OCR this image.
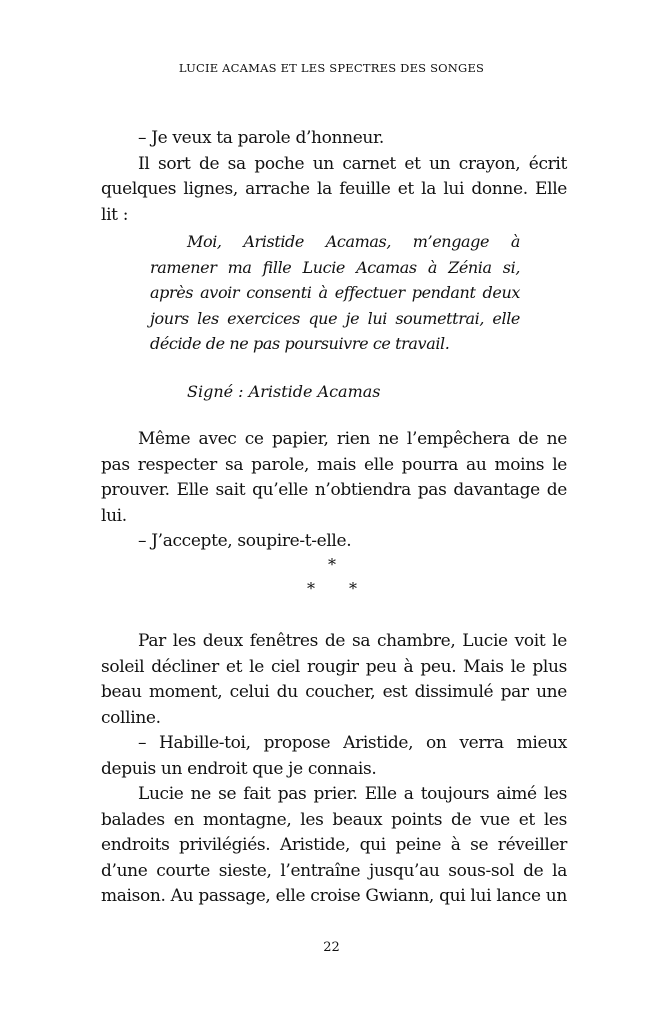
LUCIE ACAMAS ET LES SPECTRES DES SONGES

– Je veux ta parole d’honneur.

Il sort de sa poche un carnet et un crayon, écrit quelques lignes, arrache la feuille et la lui donne. Elle lit :

Moi, Aristide Acamas, m’engage à ramener ma fille Lucie Acamas à Zénia si, après avoir consenti à effectuer pendant deux jours les exercices que je lui soumettrai, elle décide de ne pas poursuivre ce travail.

Signé : Aristide Acamas

Même avec ce papier, rien ne l’empêchera de ne pas respecter sa parole, mais elle pourra au moins le prouver. Elle sait qu’elle n’obtiendra pas davantage de lui.

– J’accepte, soupire-t-elle.

*
* *

Par les deux fenêtres de sa chambre, Lucie voit le soleil décliner et le ciel rougir peu à peu. Mais le plus beau moment, celui du coucher, est dissimulé par une colline.

– Habille-toi, propose Aristide, on verra mieux depuis un endroit que je connais.

Lucie ne se fait pas prier. Elle a toujours aimé les balades en montagne, les beaux points de vue et les endroits privilégiés. Aristide, qui peine à se réveiller d’une courte sieste, l’entraîne jusqu’au sous-sol de la maison. Au passage, elle croise Gwiann, qui lui lance un

22
